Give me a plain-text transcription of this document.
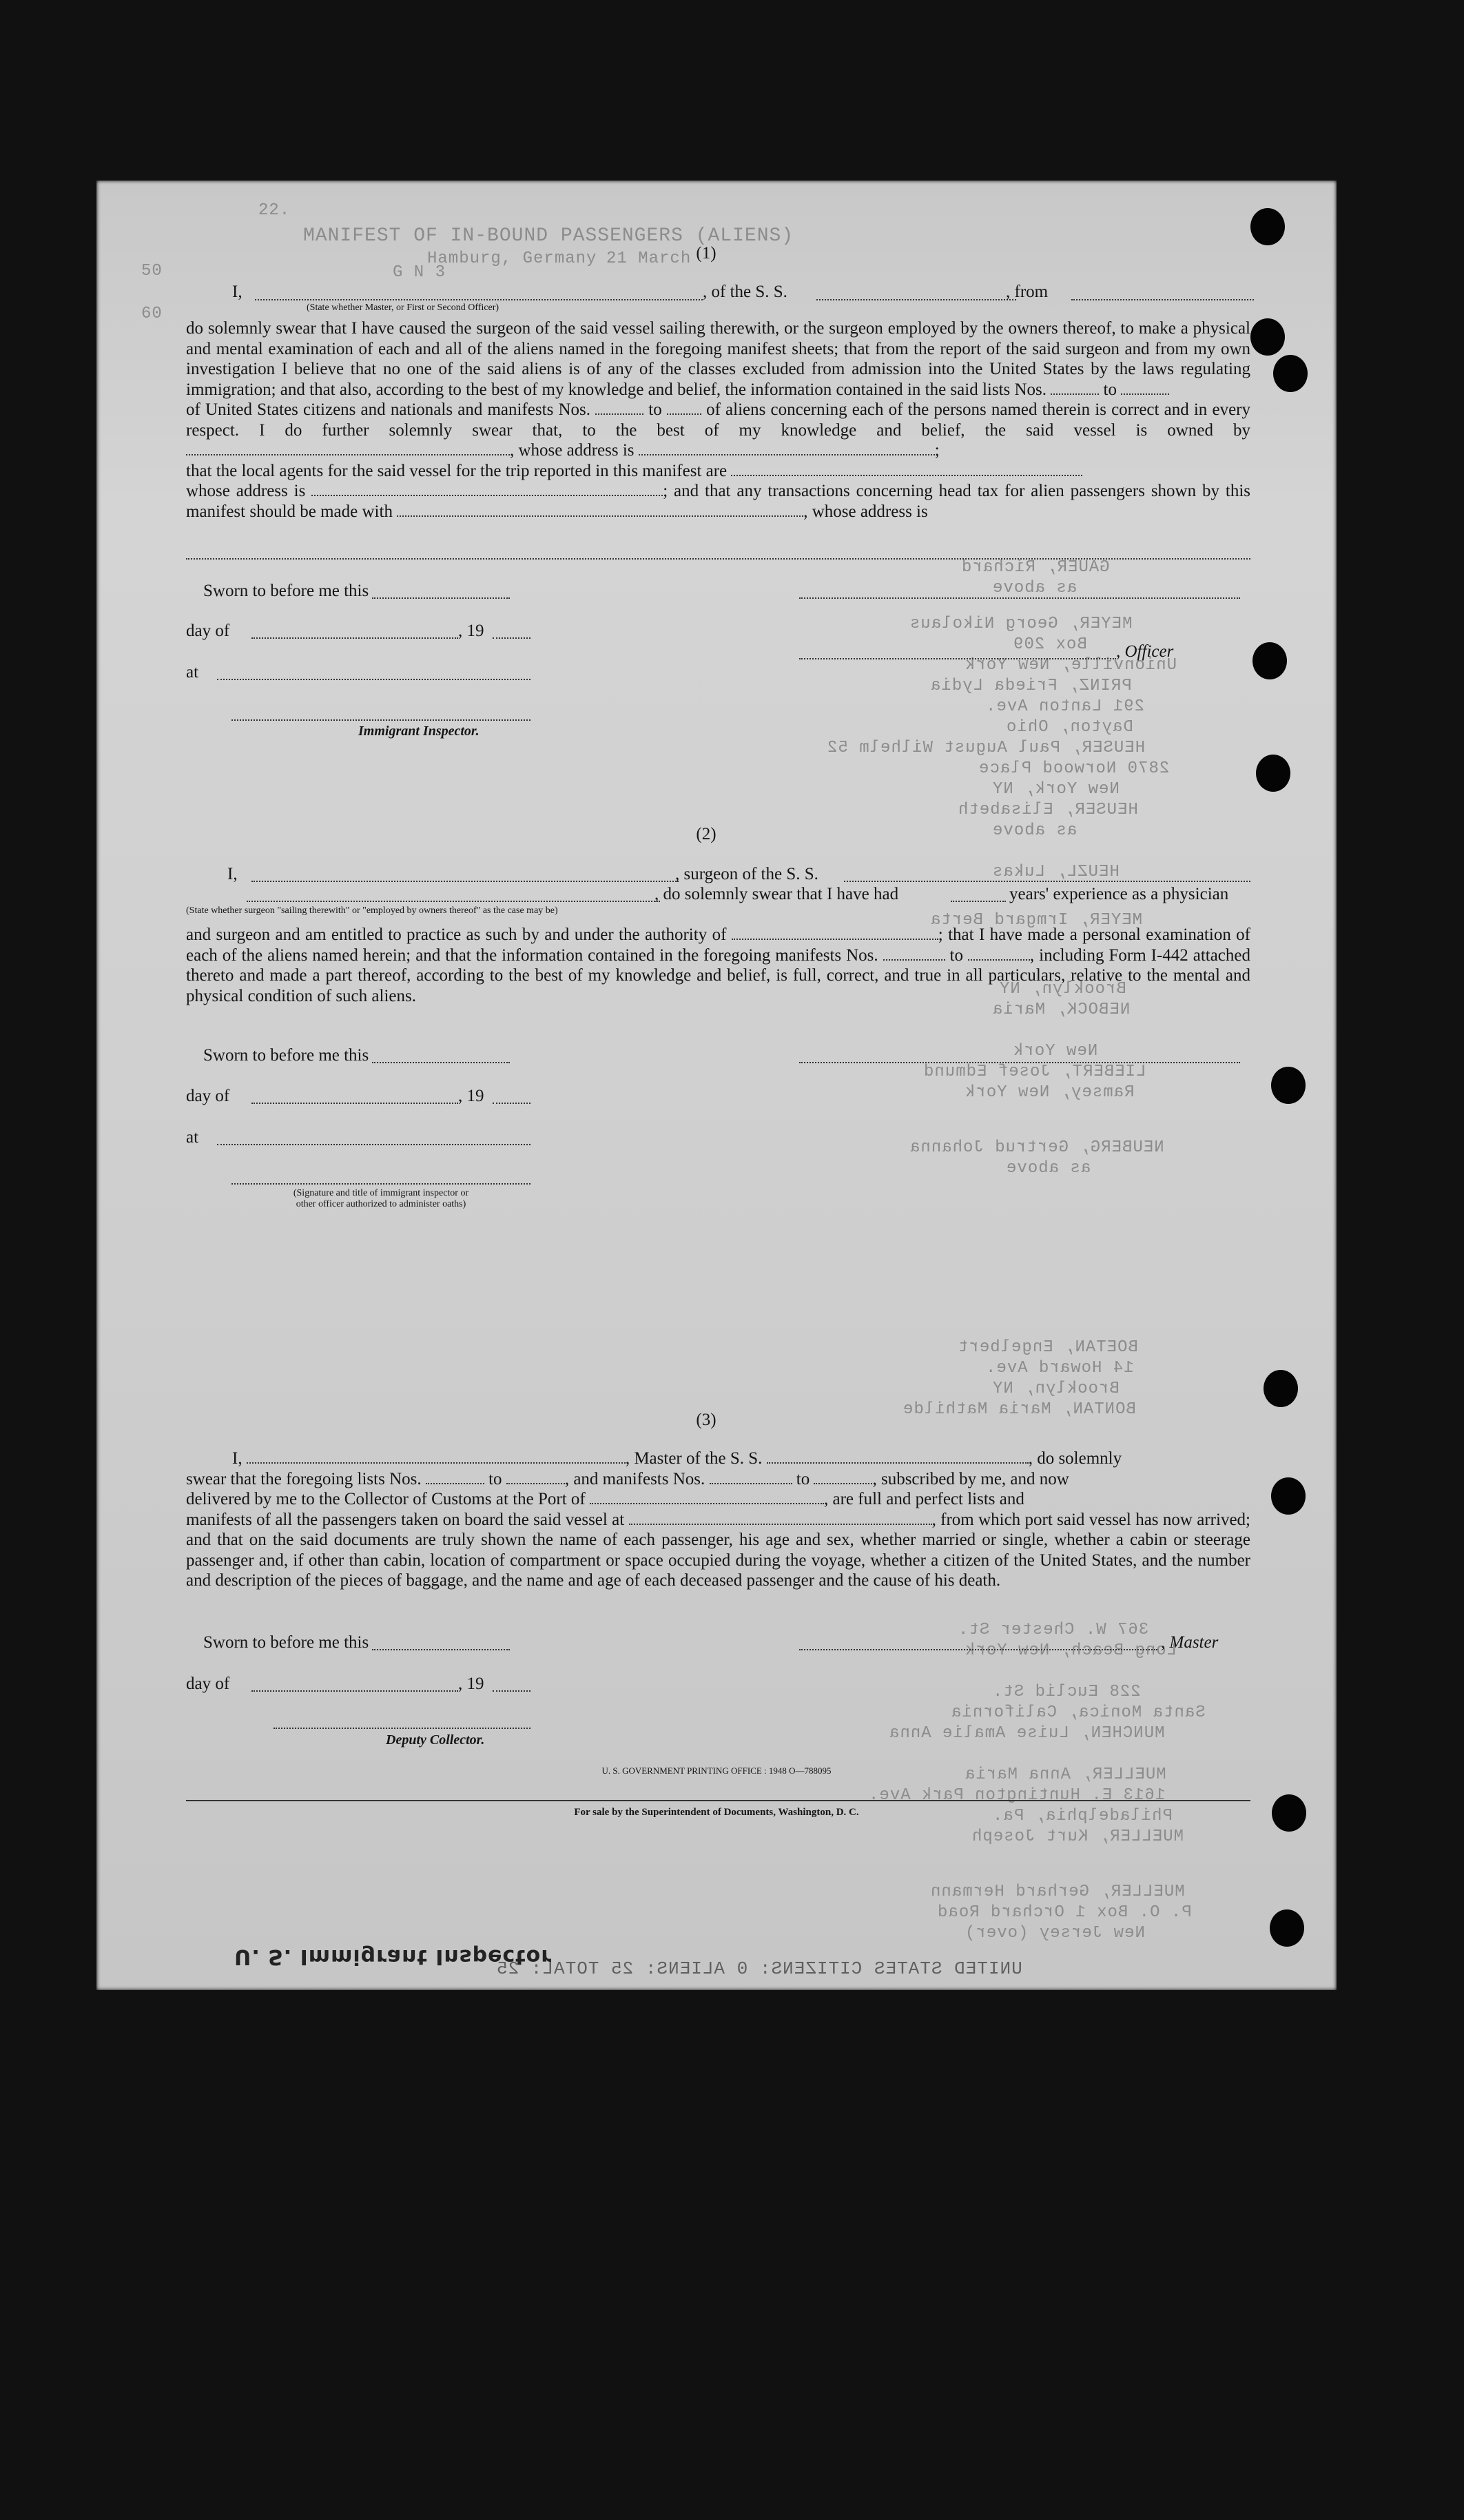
22.
MANIFEST OF IN-BOUND PASSENGERS (ALIENS)
Hamburg, Germany 21 March
G N 3
50
60
GAUER, Richard
as above
MEYER, Georg Nikolaus
Box 209
Unionville, New York
PRINZ, Frieda Lydia
291 Lanton Ave.
Dayton, Ohio
HEUSER, Paul August Wilhelm 52
2870 Norwood Place
New York, NY
HEUSER, Elisabeth
as above
HEUZL, Lukas
MEYER, Irmgard Berta
Brooklyn, NY
NEBOCK, Maria
New York
LIEBERT, Josef Edmund
Ramsey, New York
NEUBERG, Gertrud Johanna
as above
BOETAN, Engelbert
14 Howard Ave.
Brooklyn, NY
BONTAN, Maria Mathilde
367 W. Chester St.
Long Beach, New York
228 Euclid St.
Santa Monica, California
MUNCHEN, Luise Amalie Anna
MUELLER, Anna Maria
1613 E. Huntington Park Ave.
Philadelphia, Pa.
MUELLER, Kurt Joseph
MUELLER, Gerhard Hermann
P. O. Box 1 Orchard Road
New Jersey (over)
UNITED STATES CITIZENS: 0 ALIENS: 25 TOTAL: 25
(1)
I,	, of the S. S.	, from
(State whether Master, or First or Second Officer)
do solemnly swear that I have caused the surgeon of the said vessel sailing therewith, or the surgeon employed by the owners thereof, to make a physical and mental examination of each and all of the aliens named in the foregoing manifest sheets; that from the report of the said surgeon and from my own investigation I believe that no one of the said aliens is of any of the classes excluded from admission into the United States by the laws regulating immigration; and that also, according to the best of my knowledge and belief, the information contained in the said lists Nos.	to
of United States citizens and nationals and manifests Nos.	to	of aliens concerning each of the persons named therein is correct and in every respect. I do further solemnly swear that, to the best of my knowledge and belief, the said vessel is owned by , whose address is	;
that the local agents for the said vessel for the trip reported in this manifest are
whose address is	; and that any transactions concerning head tax for alien passengers shown by this manifest should be made with	, whose address is
Sworn to before me this
day of	, 19
, Officer
at
Immigrant Inspector.
(2)
I,	, surgeon of the S. S.
, do solemnly swear that I have had	years' experience as a physician
(State whether surgeon "sailing therewith" or "employed by owners thereof" as the case may be)
and surgeon and am entitled to practice as such by and under the authority of	; that I have made a personal examination of each of the aliens named herein; and that the information contained in the foregoing manifests Nos.	to	, including Form I-442 attached thereto and made a part thereof, according to the best of my knowledge and belief, is full, correct, and true in all particulars, relative to the mental and physical condition of such aliens.
Sworn to before me this
day of	, 19
at
(Signature and title of immigrant inspector or
other officer authorized to administer oaths)
(3)
I,	, Master of the S. S.	, do solemnly
swear that the foregoing lists Nos.	to	, and manifests Nos.	to	, subscribed by me, and now
delivered by me to the Collector of Customs at the Port of	, are full and perfect lists and
manifests of all the passengers taken on board the said vessel at	, from which port said vessel has now arrived; and that on the said documents are truly shown the name of each passenger, his age and sex, whether married or single, whether a cabin or steerage passenger and, if other than cabin, location of compartment or space occupied during the voyage, whether a citizen of the United States, and the number and description of the pieces of baggage, and the name and age of each deceased passenger and the cause of his death.
Sworn to before me this	, Master
day of	, 19
Deputy Collector.
U. S. GOVERNMENT PRINTING OFFICE : 1948 O—788095
For sale by the Superintendent of Documents, Washington, D. C.
U. S. Immigrant Inspector
